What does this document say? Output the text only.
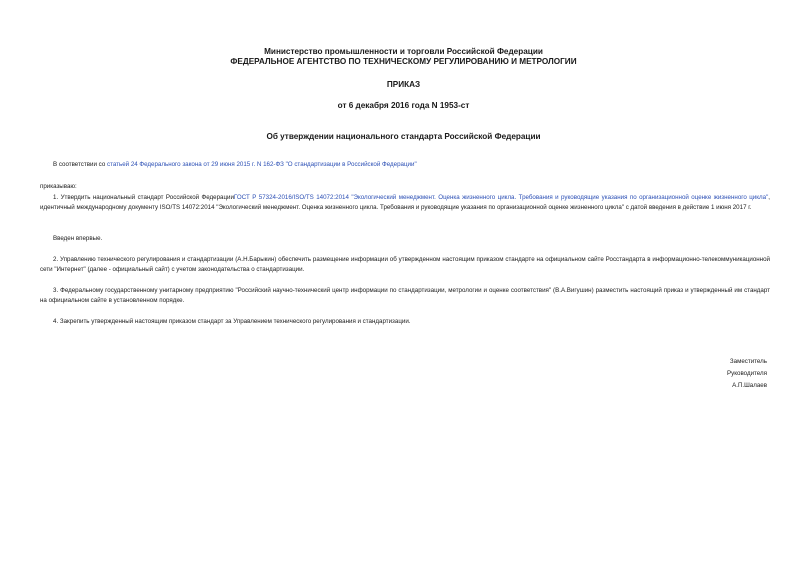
Министерство промышленности и торговли Российской Федерации
ФЕДЕРАЛЬНОЕ АГЕНТСТВО ПО ТЕХНИЧЕСКОМУ РЕГУЛИРОВАНИЮ И МЕТРОЛОГИИ
ПРИКАЗ
от 6 декабря 2016 года N 1953-ст
Об утверждении национального стандарта Российской Федерации
В соответствии со статьей 24 Федерального закона от 29 июня 2015 г. N 162-ФЗ "О стандартизации в Российской Федерации"
приказываю:
1. Утвердить национальный стандарт Российской ФедерацииГОСТ Р 57324-2016/ISO/TS 14072:2014 "Экологический менеджмент. Оценка жизненного цикла. Требования и руководящие указания по организационной оценке жизненного цикла", идентичный международному документу ISO/TS 14072:2014 "Экологический менеджмент. Оценка жизненного цикла. Требования и руководящие указания по организационной оценке жизненного цикла" с датой введения в действие 1 июня 2017 г.
Введен впервые.
2. Управлению технического регулирования и стандартизации (А.Н.Барыкин) обеспечить размещение информации об утвержденном настоящим приказом стандарте на официальном сайте Росстандарта в информационно-телекоммуникационной сети "Интернет" (далее - официальный сайт) с учетом законодательства о стандартизации.
3. Федеральному государственному унитарному предприятию "Российский научно-технический центр информации по стандартизации, метрологии и оценке соответствия" (В.А.Вигушин) разместить настоящий приказ и утвержденный им стандарт на официальном сайте в установленном порядке.
4. Закрепить утвержденный настоящим приказом стандарт за Управлением технического регулирования и стандартизации.
Заместитель
Руководителя
А.П.Шалаев
